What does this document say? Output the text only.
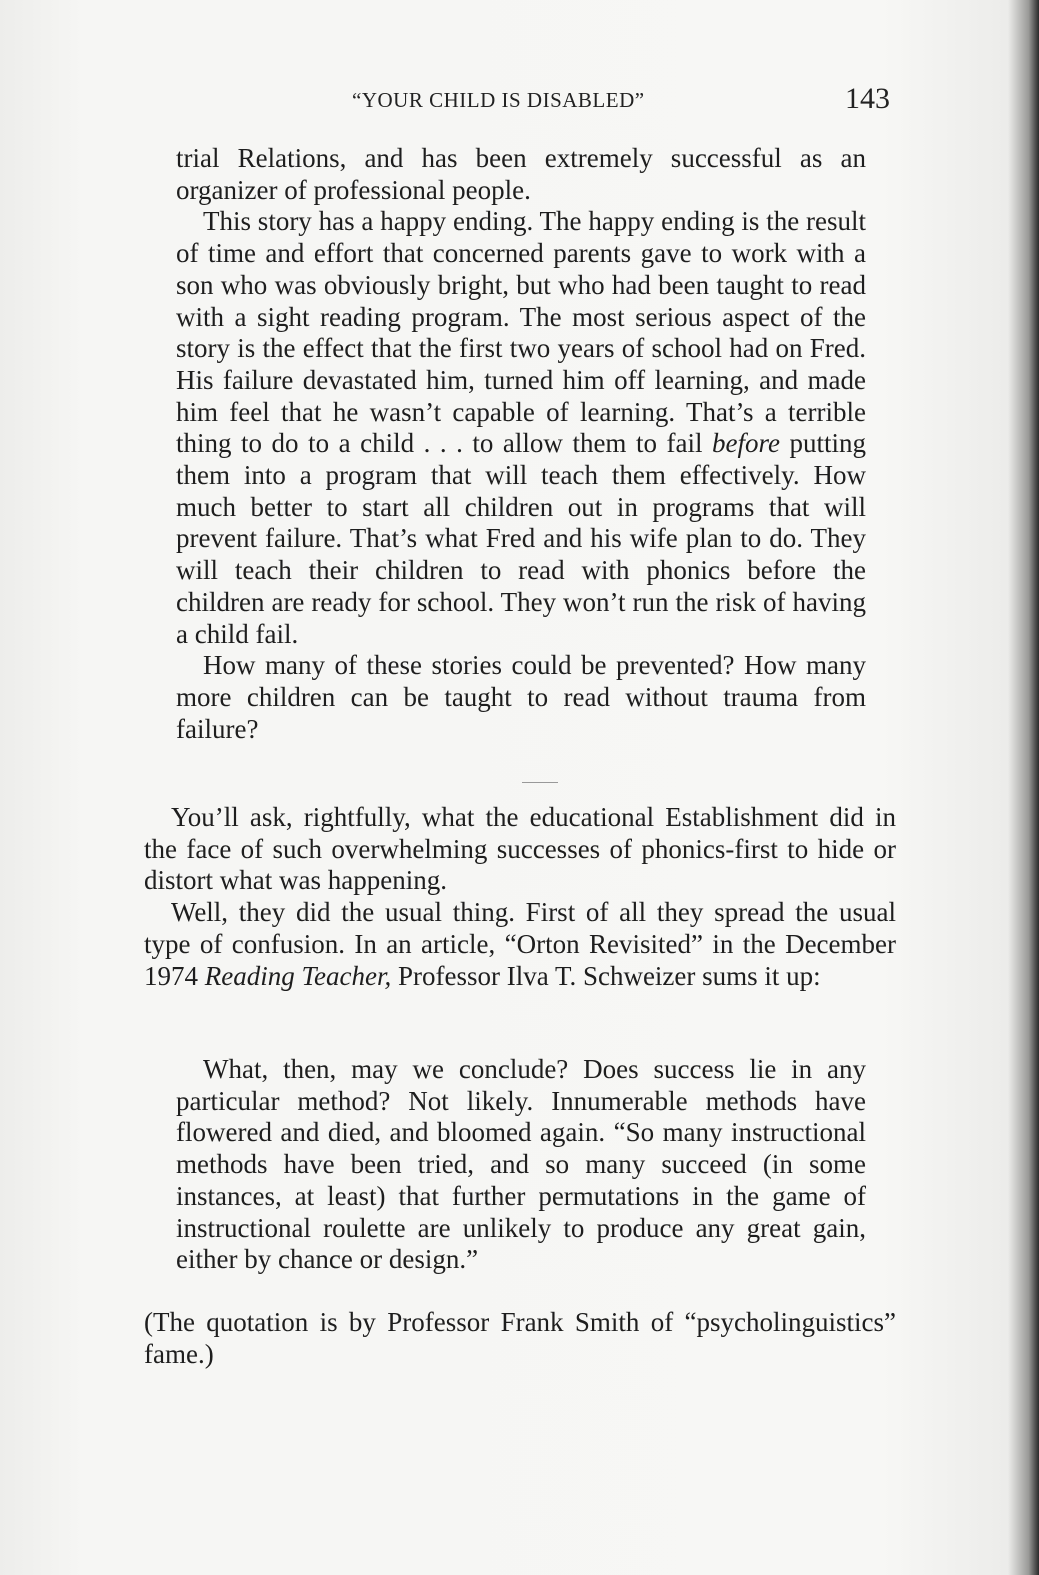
“YOUR CHILD IS DISABLED”	143

trial Relations, and has been extremely successful as an organizer of professional people.

This story has a happy ending. The happy ending is the result of time and effort that concerned parents gave to work with a son who was obviously bright, but who had been taught to read with a sight reading program. The most serious aspect of the story is the effect that the first two years of school had on Fred. His failure devastated him, turned him off learning, and made him feel that he wasn’t capable of learning. That’s a terrible thing to do to a child . . . to allow them to fail before putting them into a program that will teach them effectively. How much better to start all children out in programs that will prevent failure. That’s what Fred and his wife plan to do. They will teach their children to read with phonics before the children are ready for school. They won’t run the risk of having a child fail.

How many of these stories could be prevented? How many more children can be taught to read without trauma from failure?

You’ll ask, rightfully, what the educational Establishment did in the face of such overwhelming successes of phonics-first to hide or distort what was happening.

Well, they did the usual thing. First of all they spread the usual type of confusion. In an article, “Orton Revisited” in the December 1974 Reading Teacher, Professor Ilva T. Schweizer sums it up:

What, then, may we conclude? Does success lie in any particular method? Not likely. Innumerable methods have flowered and died, and bloomed again. “So many instructional methods have been tried, and so many succeed (in some instances, at least) that further permutations in the game of instructional roulette are unlikely to produce any great gain, either by chance or design.”

(The quotation is by Professor Frank Smith of “psycholinguistics” fame.)
